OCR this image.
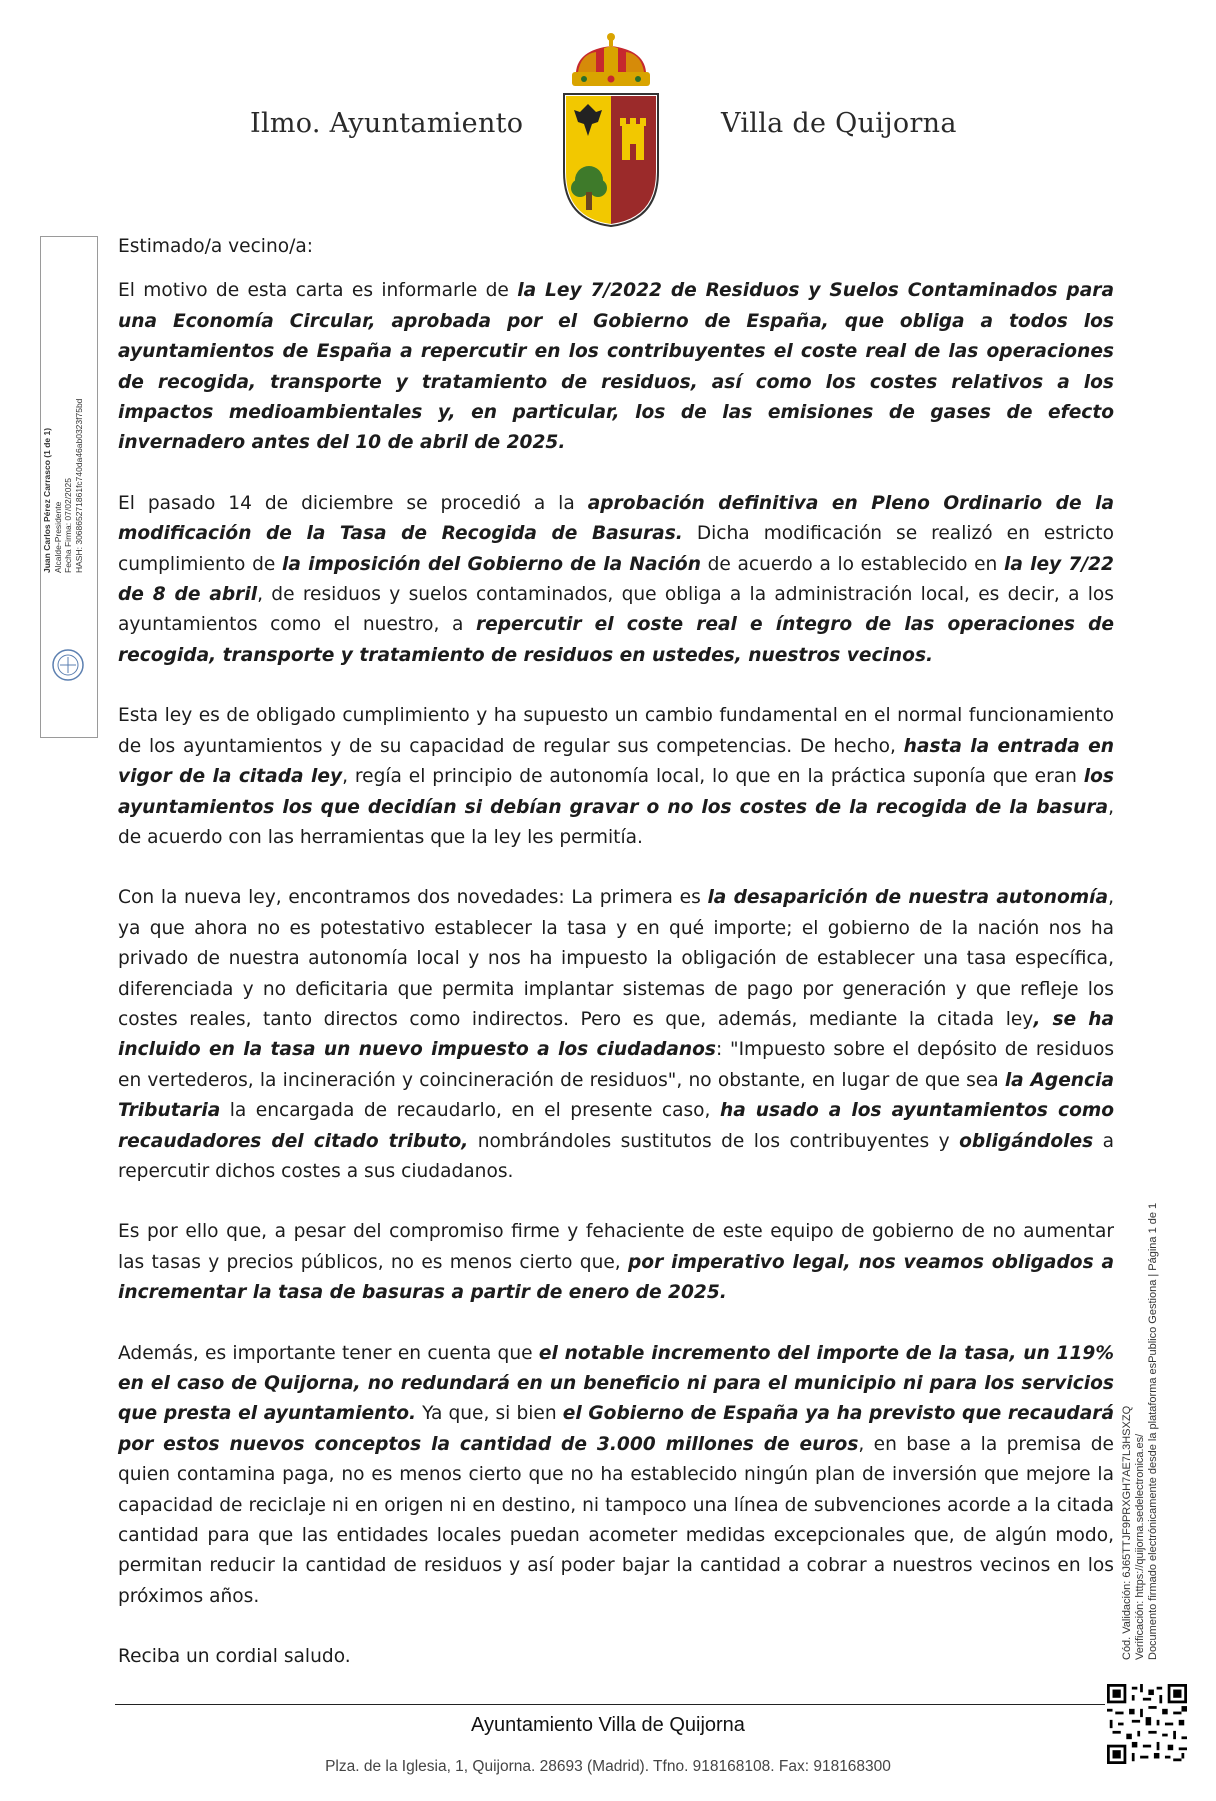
Ilmo. Ayuntamiento	Villa de Quijorna
Juan Carlos Pérez Carrasco (1 de 1) Alcalde-Presidente Fecha Firma: 07/02/2025 HASH: 306865271861fc740da46ab0323f75bd
Cód. Validación: 6J65TTJF9PRXGH7AE7L3HSXZQ Verificación: https://quijorna.sedelectronica.es/ Documento firmado electrónicamente desde la plataforma esPublico Gestiona | Página 1 de 1

Estimado/a vecino/a:

El motivo de esta carta es informarle de la Ley 7/2022 de Residuos y Suelos Contaminados para una Economía Circular, aprobada por el Gobierno de España, que obliga a todos los ayuntamientos de España a repercutir en los contribuyentes el coste real de las operaciones de recogida, transporte y tratamiento de residuos, así como los costes relativos a los impactos medioambientales y, en particular, los de las emisiones de gases de efecto invernadero antes del 10 de abril de 2025.

El pasado 14 de diciembre se procedió a la aprobación definitiva en Pleno Ordinario de la modificación de la Tasa de Recogida de Basuras. Dicha modificación se realizó en estricto cumplimiento de la imposición del Gobierno de la Nación de acuerdo a lo establecido en la ley 7/22 de 8 de abril, de residuos y suelos contaminados, que obliga a la administración local, es decir, a los ayuntamientos como el nuestro, a repercutir el coste real e íntegro de las operaciones de recogida, transporte y tratamiento de residuos en ustedes, nuestros vecinos.

Esta ley es de obligado cumplimiento y ha supuesto un cambio fundamental en el normal funcionamiento de los ayuntamientos y de su capacidad de regular sus competencias. De hecho, hasta la entrada en vigor de la citada ley, regía el principio de autonomía local, lo que en la práctica suponía que eran los ayuntamientos los que decidían si debían gravar o no los costes de la recogida de la basura, de acuerdo con las herramientas que la ley les permitía.

Con la nueva ley, encontramos dos novedades: La primera es la desaparición de nuestra autonomía, ya que ahora no es potestativo establecer la tasa y en qué importe; el gobierno de la nación nos ha privado de nuestra autonomía local y nos ha impuesto la obligación de establecer una tasa específica, diferenciada y no deficitaria que permita implantar sistemas de pago por generación y que refleje los costes reales, tanto directos como indirectos. Pero es que, además, mediante la citada ley, se ha incluido en la tasa un nuevo impuesto a los ciudadanos: "Impuesto sobre el depósito de residuos en vertederos, la incineración y coincineración de residuos", no obstante, en lugar de que sea la Agencia Tributaria la encargada de recaudarlo, en el presente caso, ha usado a los ayuntamientos como recaudadores del citado tributo, nombrándoles sustitutos de los contribuyentes y obligándoles a repercutir dichos costes a sus ciudadanos.

Es por ello que, a pesar del compromiso firme y fehaciente de este equipo de gobierno de no aumentar las tasas y precios públicos, no es menos cierto que, por imperativo legal, nos veamos obligados a incrementar la tasa de basuras a partir de enero de 2025.

Además, es importante tener en cuenta que el notable incremento del importe de la tasa, un 119% en el caso de Quijorna, no redundará en un beneficio ni para el municipio ni para los servicios que presta el ayuntamiento. Ya que, si bien el Gobierno de España ya ha previsto que recaudará por estos nuevos conceptos la cantidad de 3.000 millones de euros, en base a la premisa de quien contamina paga, no es menos cierto que no ha establecido ningún plan de inversión que mejore la capacidad de reciclaje ni en origen ni en destino, ni tampoco una línea de subvenciones acorde a la citada cantidad para que las entidades locales puedan acometer medidas excepcionales que, de algún modo, permitan reducir la cantidad de residuos y así poder bajar la cantidad a cobrar a nuestros vecinos en los próximos años.

Reciba un cordial saludo.

Ayuntamiento Villa de Quijorna
Plza. de la Iglesia, 1, Quijorna. 28693 (Madrid). Tfno. 918168108. Fax: 918168300
